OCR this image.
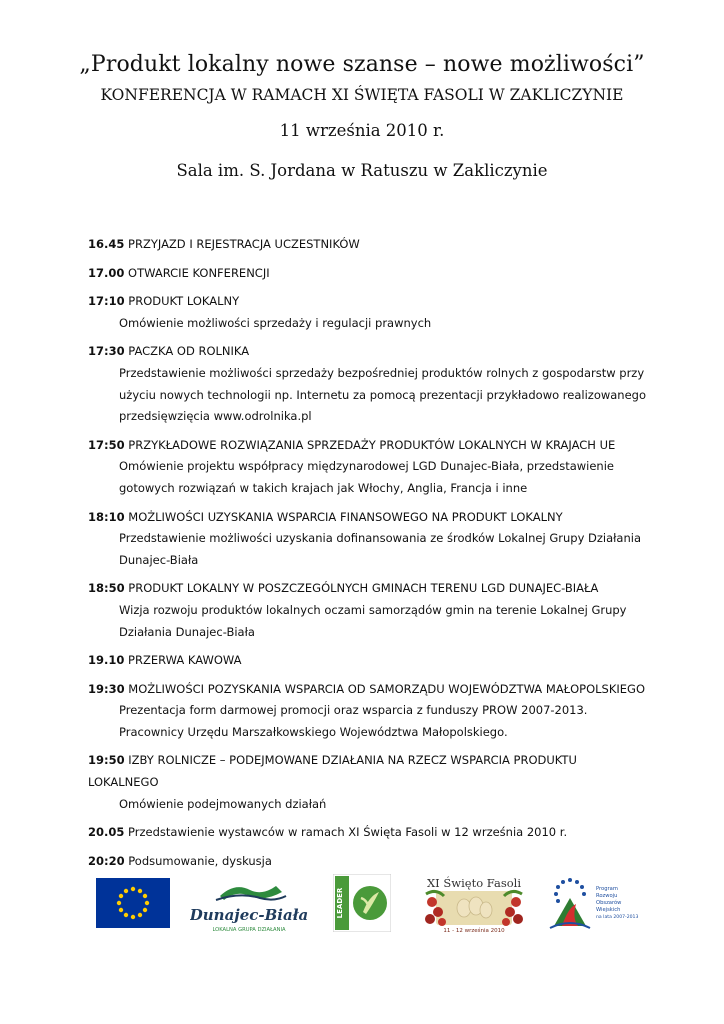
„Produkt lokalny nowe szanse – nowe możliwości”
KONFERENCJA W RAMACH XI ŚWIĘTA FASOLI W ZAKLICZYNIE
11 września 2010 r.
Sala im. S. Jordana w Ratuszu w Zakliczynie
16.45 PRZYJAZD I REJESTRACJA UCZESTNIKÓW
17.00 OTWARCIE KONFERENCJI
17:10 PRODUKT LOKALNY
Omówienie możliwości sprzedaży i regulacji prawnych
17:30 PACZKA OD ROLNIKA
Przedstawienie możliwości sprzedaży bezpośredniej produktów rolnych z gospodarstw przy
użyciu nowych technologii np. Internetu za pomocą prezentacji przykładowo realizowanego
przedsięwzięcia www.odrolnika.pl
17:50 PRZYKŁADOWE ROZWIĄZANIA SPRZEDAŻY PRODUKTÓW LOKALNYCH W KRAJACH UE
Omówienie projektu współpracy międzynarodowej LGD Dunajec-Biała, przedstawienie
gotowych rozwiązań w takich krajach jak Włochy, Anglia, Francja i inne
18:10 MOŻLIWOŚCI UZYSKANIA WSPARCIA FINANSOWEGO NA PRODUKT LOKALNY
Przedstawienie możliwości uzyskania dofinansowania ze środków Lokalnej Grupy Działania
Dunajec-Biała
18:50 PRODUKT LOKALNY W POSZCZEGÓLNYCH GMINACH TERENU LGD DUNAJEC-BIAŁA
Wizja rozwoju produktów lokalnych oczami samorządów gmin na terenie Lokalnej Grupy
Działania Dunajec-Biała
19.10 PRZERWA KAWOWA
19:30 MOŻLIWOŚCI POZYSKANIA WSPARCIA OD SAMORZĄDU WOJEWÓDZTWA MAŁOPOLSKIEGO
Prezentacja form darmowej promocji oraz wsparcia z funduszy PROW 2007-2013.
Pracownicy Urzędu Marszałkowskiego Województwa Małopolskiego.
19:50 IZBY ROLNICZE – PODEJMOWANE DZIAŁANIA NA RZECZ WSPARCIA PRODUKTU LOKALNEGO
Omówienie podejmowanych działań
20.05 Przedstawienie wystawców w ramach XI Święta Fasoli w 12 września 2010 r.
20:20 Podsumowanie, dyskusja
Dunajec-Biała
LOKALNA GRUPA DZIAŁANIA
LEADER
XI Święto Fasoli
11 - 12 września 2010
Program
Rozwoju
Obszarów
Wiejskich
na lata 2007-2013
